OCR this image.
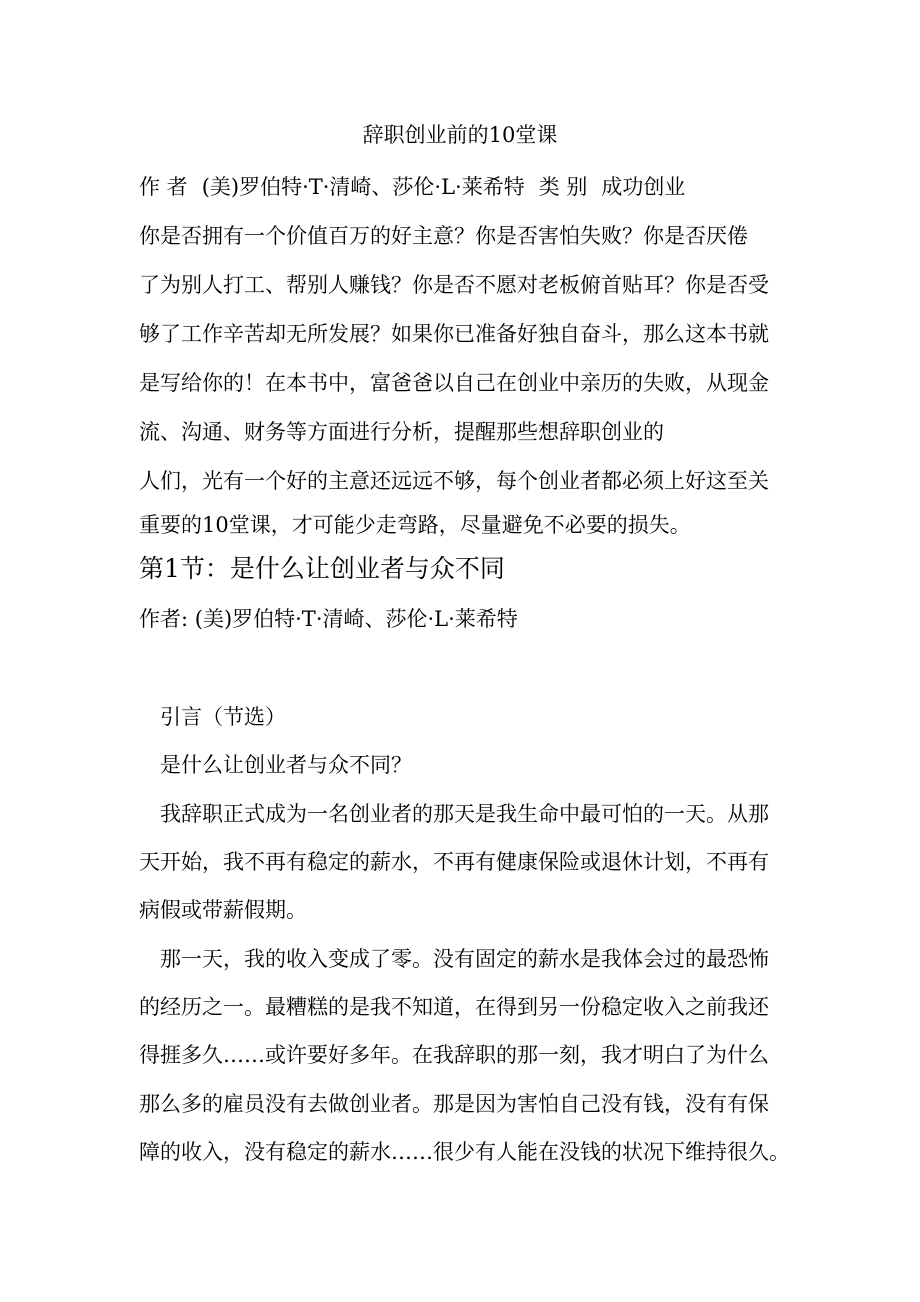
辞职创业前的10堂课
作 者 (美)罗伯特·T·清崎、莎伦·L·莱希特 类 别 成功创业
你是否拥有一个价值百万的好主意？你是否害怕失败？你是否厌倦
了为别人打工、帮别人赚钱？你是否不愿对老板俯首贴耳？你是否受
够了工作辛苦却无所发展？如果你已准备好独自奋斗，那么这本书就
是写给你的！在本书中，富爸爸以自己在创业中亲历的失败，从现金
流、沟通、财务等方面进行分析，提醒那些想辞职创业的
人们，光有一个好的主意还远远不够，每个创业者都必须上好这至关
重要的10堂课，才可能少走弯路，尽量避免不必要的损失。
第1节：是什么让创业者与众不同
作者: (美)罗伯特·T·清崎、莎伦·L·莱希特
引言（节选）
是什么让创业者与众不同？
我辞职正式成为一名创业者的那天是我生命中最可怕的一天。从那
天开始，我不再有稳定的薪水，不再有健康保险或退休计划，不再有
病假或带薪假期。
那一天，我的收入变成了零。没有固定的薪水是我体会过的最恐怖
的经历之一。最糟糕的是我不知道，在得到另一份稳定收入之前我还
得捱多久……或许要好多年。在我辞职的那一刻，我才明白了为什么
那么多的雇员没有去做创业者。那是因为害怕自己没有钱，没有有保
障的收入，没有稳定的薪水……很少有人能在没钱的状况下维持很久。
